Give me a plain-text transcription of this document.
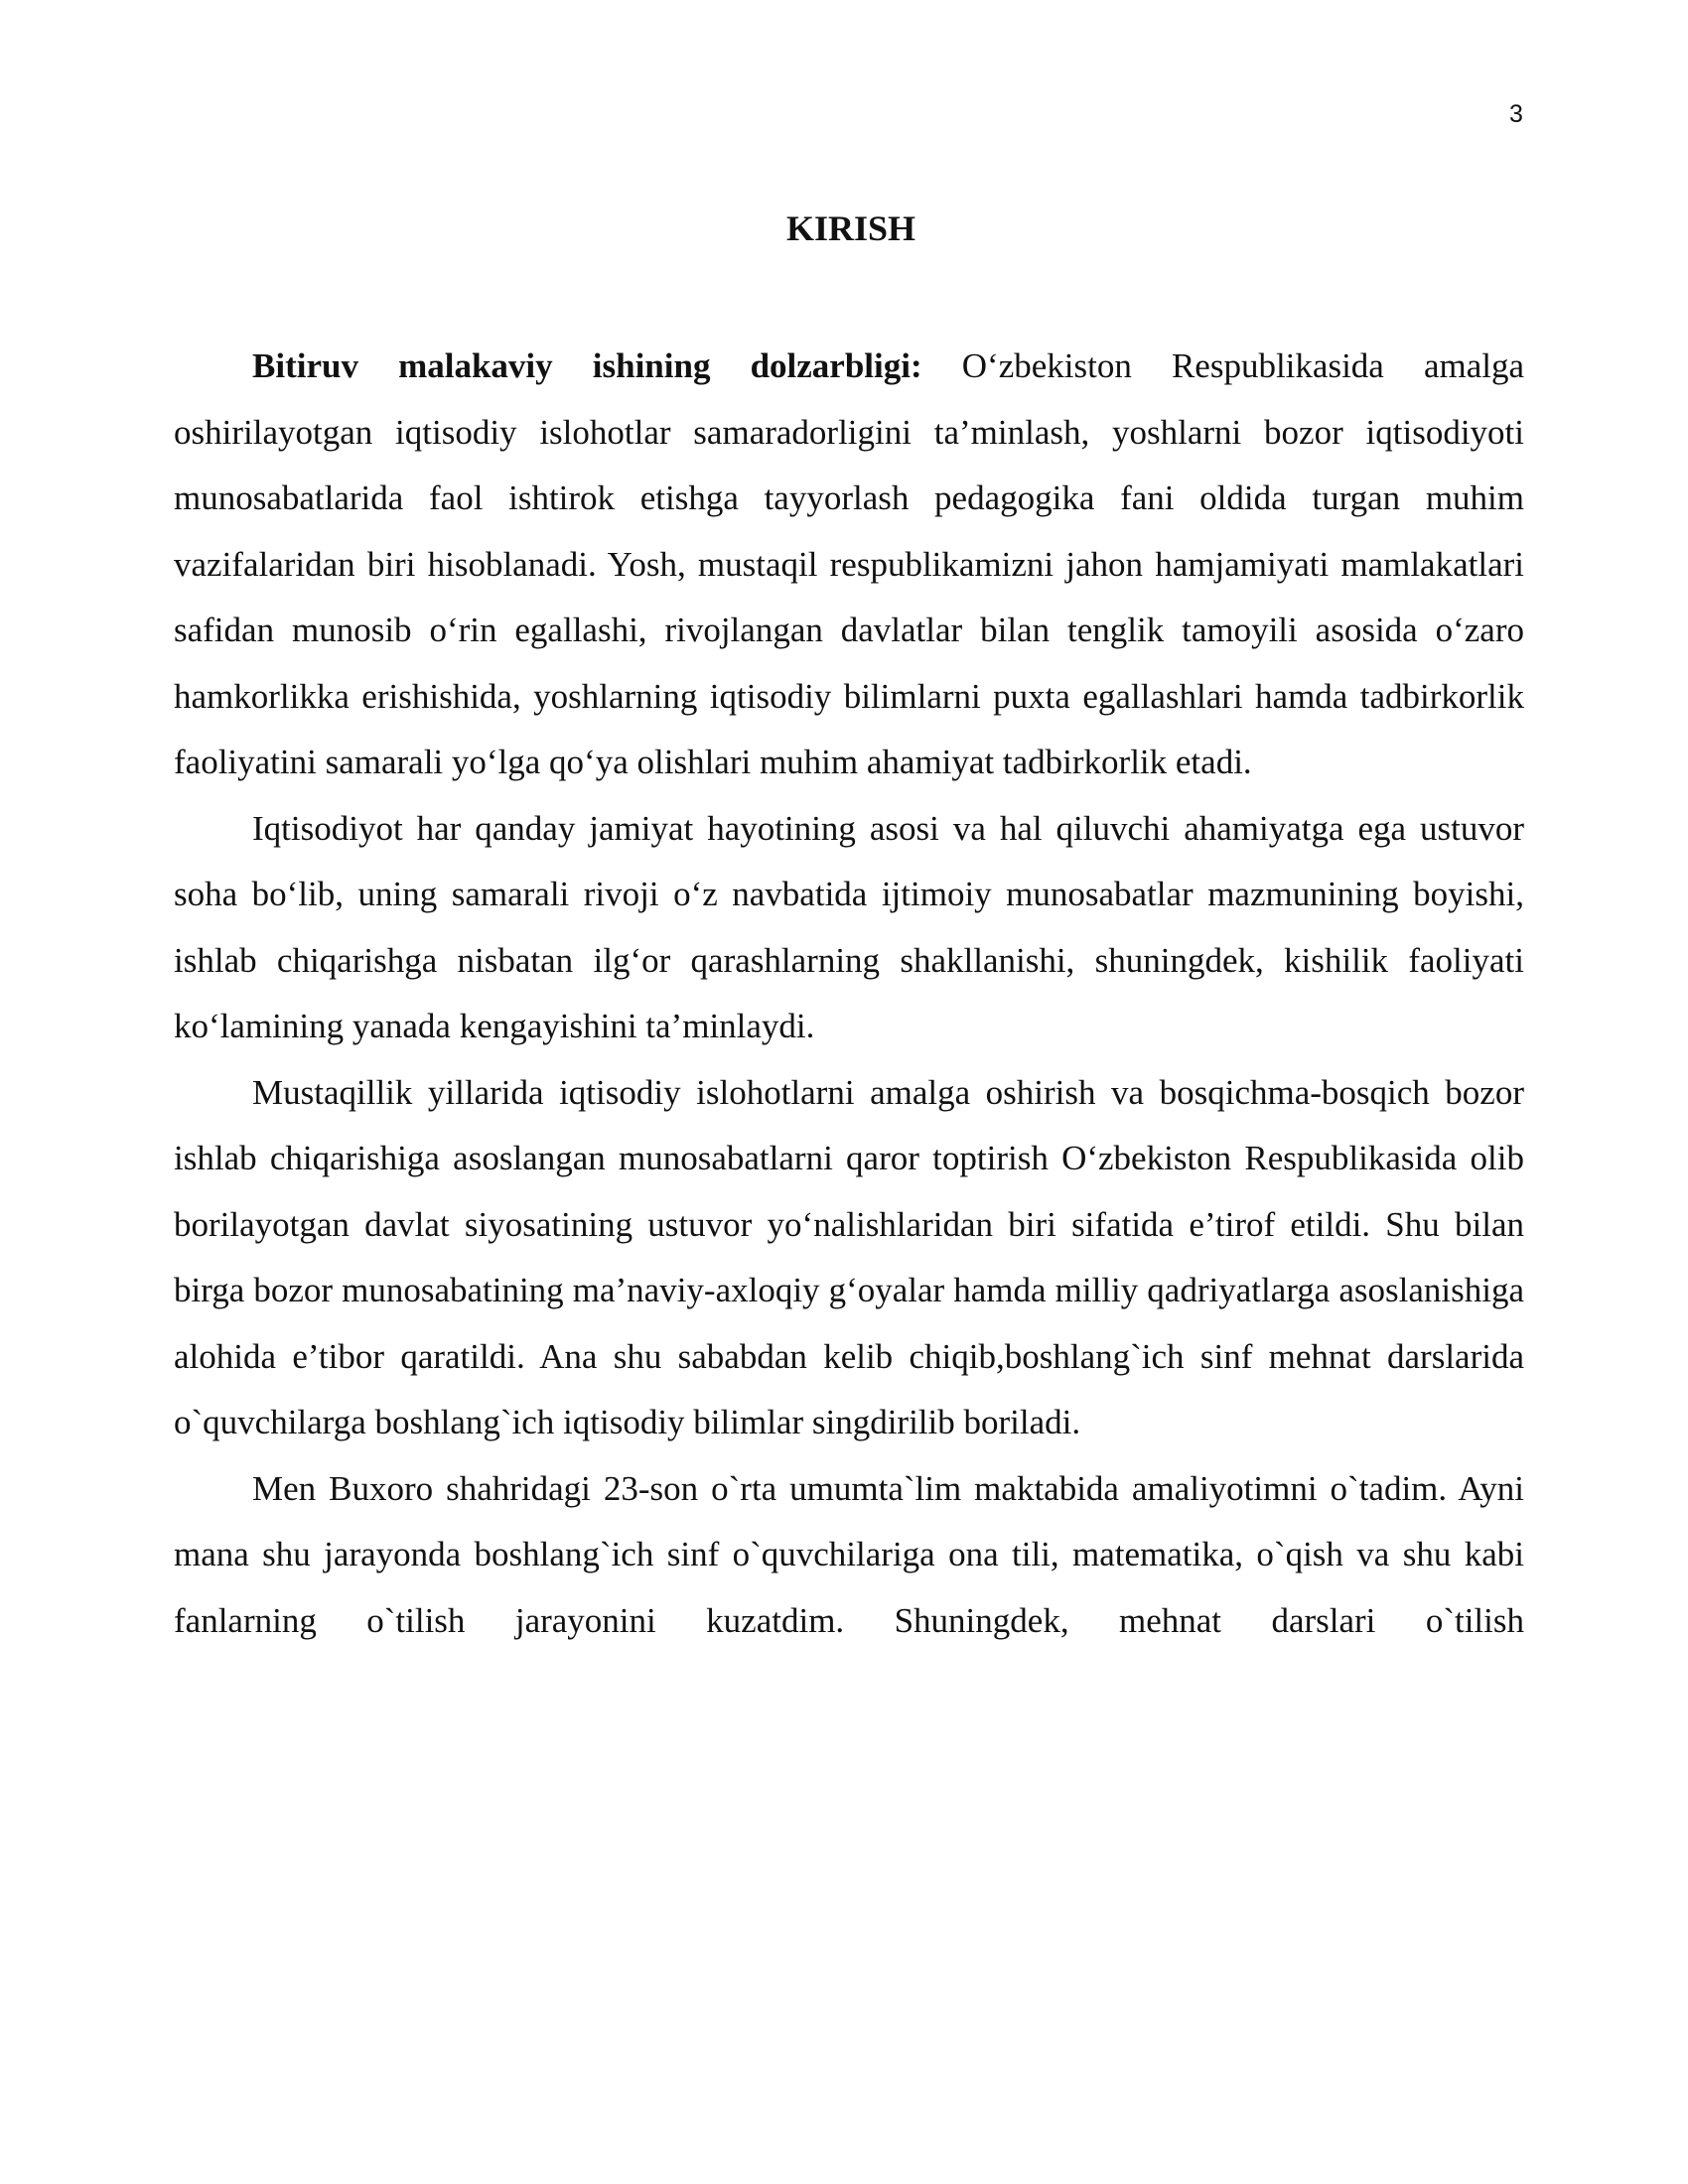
3
KIRISH

Bitiruv malakaviy ishining dolzarbligi: O‘zbekiston Respublikasida amalga oshirilayotgan iqtisodiy islohotlar samaradorligini ta’minlash, yoshlarni bozor iqtisodiyoti munosabatlarida faol ishtirok etishga tayyorlash pedagogika fani oldida turgan muhim vazifalaridan biri hisoblanadi. Yosh, mustaqil respublikamizni jahon hamjamiyati mamlakatlari safidan munosib o‘rin egallashi, rivojlangan davlatlar bilan tenglik tamoyili asosida o‘zaro hamkorlikka erishishida, yoshlarning iqtisodiy bilimlarni puxta egallashlari hamda tadbirkorlik faoliyatini samarali yo‘lga qo‘ya olishlari muhim ahamiyat tadbirkorlik etadi.

Iqtisodiyot har qanday jamiyat hayotining asosi va hal qiluvchi ahamiyatga ega ustuvor soha bo‘lib, uning samarali rivoji o‘z navbatida ijtimoiy munosabatlar mazmunining boyishi, ishlab chiqarishga nisbatan ilg‘or qarashlarning shakllanishi, shuningdek, kishilik faoliyati ko‘lamining yanada kengayishini ta’minlaydi.

Mustaqillik yillarida iqtisodiy islohotlarni amalga oshirish va bosqichma-bosqich bozor ishlab chiqarishiga asoslangan munosabatlarni qaror toptirish O‘zbekiston Respublikasida olib borilayotgan davlat siyosatining ustuvor yo‘nalishlaridan biri sifatida e’tirof etildi. Shu bilan birga bozor munosabatining ma’naviy-axloqiy g‘oyalar hamda milliy qadriyatlarga asoslanishiga alohida e’tibor qaratildi. Ana shu sababdan kelib chiqib,boshlang`ich sinf mehnat darslarida o`quvchilarga boshlang`ich iqtisodiy bilimlar singdirilib boriladi.

Men Buxoro shahridagi 23-son o`rta umumta`lim maktabida amaliyotimni o`tadim. Ayni mana shu jarayonda boshlang`ich sinf o`quvchilariga ona tili, matematika, o`qish va shu kabi fanlarning o`tilish jarayonini kuzatdim. Shuningdek, mehnat darslari o`tilish
